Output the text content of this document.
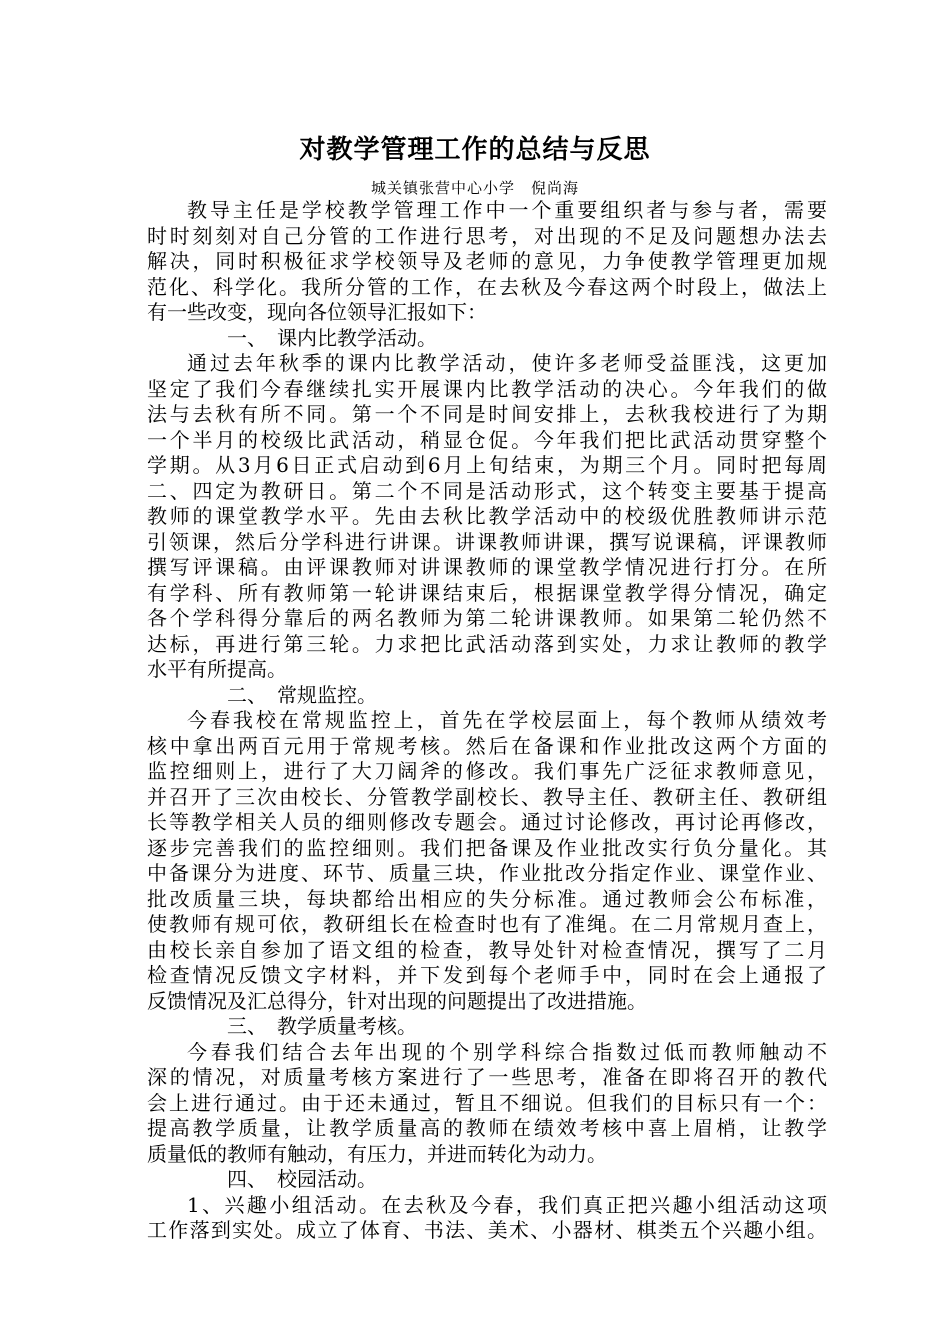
对教学管理工作的总结与反思
城关镇张营中心小学　倪尚海
教导主任是学校教学管理工作中一个重要组织者与参与者，需要
时时刻刻对自己分管的工作进行思考，对出现的不足及问题想办法去
解决，同时积极征求学校领导及老师的意见，力争使教学管理更加规
范化、科学化。我所分管的工作，在去秋及今春这两个时段上，做法上
有一些改变，现向各位领导汇报如下：
一、　课内比教学活动。
通过去年秋季的课内比教学活动，使许多老师受益匪浅，这更加
坚定了我们今春继续扎实开展课内比教学活动的决心。今年我们的做
法与去秋有所不同。第一个不同是时间安排上，去秋我校进行了为期
一个半月的校级比武活动，稍显仓促。今年我们把比武活动贯穿整个
学期。从3月6日正式启动到6月上旬结束，为期三个月。同时把每周
二、四定为教研日。第二个不同是活动形式，这个转变主要基于提高
教师的课堂教学水平。先由去秋比教学活动中的校级优胜教师讲示范
引领课，然后分学科进行讲课。讲课教师讲课，撰写说课稿，评课教师
撰写评课稿。由评课教师对讲课教师的课堂教学情况进行打分。在所
有学科、所有教师第一轮讲课结束后，根据课堂教学得分情况，确定
各个学科得分靠后的两名教师为第二轮讲课教师。如果第二轮仍然不
达标，再进行第三轮。力求把比武活动落到实处，力求让教师的教学
水平有所提高。
二、　常规监控。
今春我校在常规监控上，首先在学校层面上，每个教师从绩效考
核中拿出两百元用于常规考核。然后在备课和作业批改这两个方面的
监控细则上，进行了大刀阔斧的修改。我们事先广泛征求教师意见，
并召开了三次由校长、分管教学副校长、教导主任、教研主任、教研组
长等教学相关人员的细则修改专题会。通过讨论修改，再讨论再修改，
逐步完善我们的监控细则。我们把备课及作业批改实行负分量化。其
中备课分为进度、环节、质量三块，作业批改分指定作业、课堂作业、
批改质量三块，每块都给出相应的失分标准。通过教师会公布标准，
使教师有规可依，教研组长在检查时也有了准绳。在二月常规月查上，
由校长亲自参加了语文组的检查，教导处针对检查情况，撰写了二月
检查情况反馈文字材料，并下发到每个老师手中，同时在会上通报了
反馈情况及汇总得分，针对出现的问题提出了改进措施。
三、　教学质量考核。
今春我们结合去年出现的个别学科综合指数过低而教师触动不
深的情况，对质量考核方案进行了一些思考，准备在即将召开的教代
会上进行通过。由于还未通过，暂且不细说。但我们的目标只有一个：
提高教学质量，让教学质量高的教师在绩效考核中喜上眉梢，让教学
质量低的教师有触动，有压力，并进而转化为动力。
四、　校园活动。
1、兴趣小组活动。在去秋及今春，我们真正把兴趣小组活动这项
工作落到实处。成立了体育、书法、美术、小器材、棋类五个兴趣小组。
